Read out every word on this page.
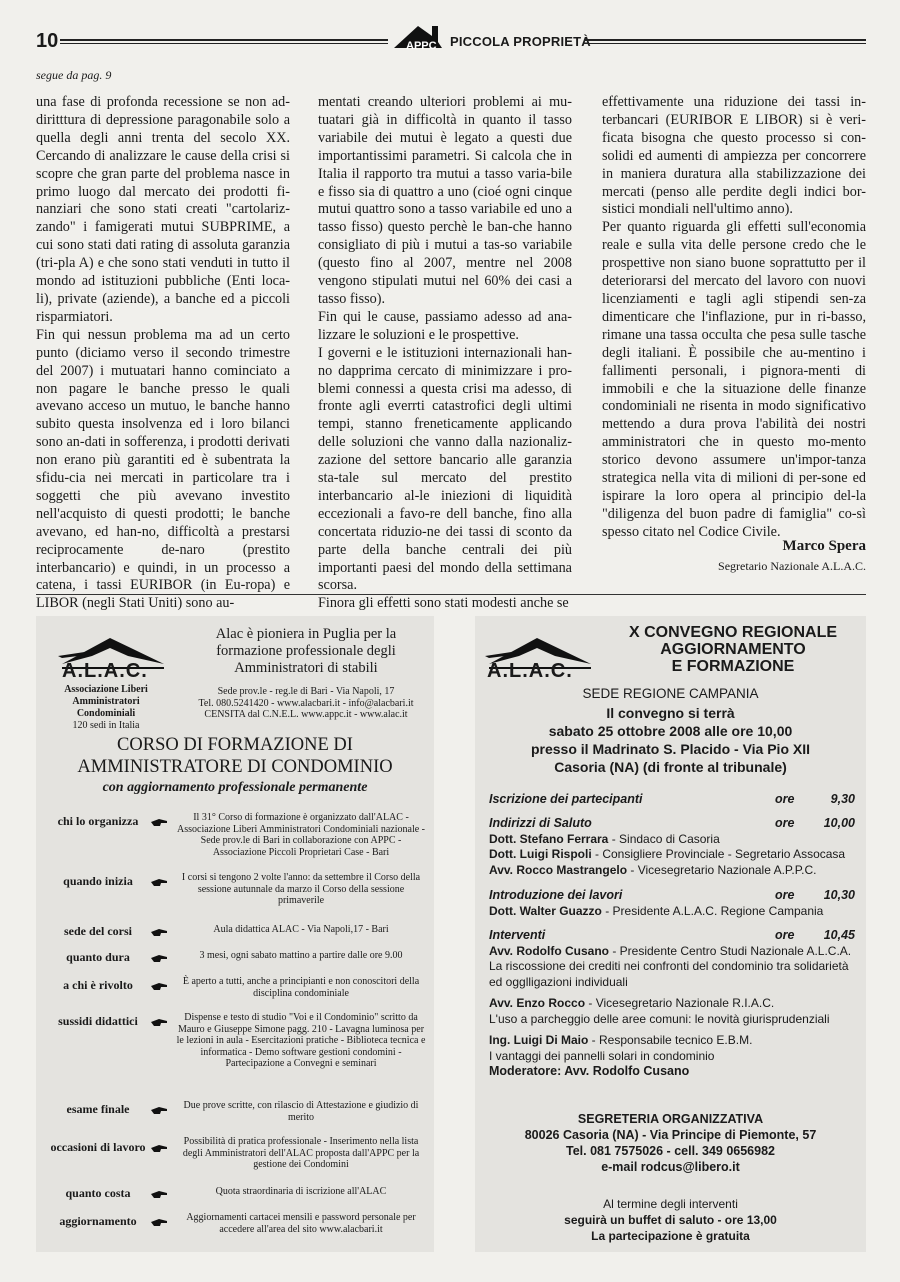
10	APPC PICCOLA PROPRIETÀ
segue da pag. 9

una fase di profonda recessione se non ad-diritttura di depressione paragonabile solo a quella degli anni trenta del secolo XX. Cercando di analizzare le cause della crisi si scopre che gran parte del problema nasce in primo luogo dal mercato dei prodotti fi-nanziari che sono stati creati "cartolariz-zando" i famigerati mutui SUBPRIME, a cui sono stati dati rating di assoluta garanzia (tri-pla A) e che sono stati venduti in tutto il mondo ad istituzioni pubbliche (Enti loca-li), private (aziende), a banche ed a piccoli risparmiatori.

Fin qui nessun problema ma ad un certo punto (diciamo verso il secondo trimestre del 2007) i mutuatari hanno cominciato a non pagare le banche presso le quali avevano acceso un mutuo, le banche hanno subito questa insolvenza ed i loro bilanci sono an-dati in sofferenza, i prodotti derivati non erano più garantiti ed è subentrata la sfidu-cia nei mercati in particolare tra i soggetti che più avevano investito nell'acquisto di questi prodotti; le banche avevano, ed han-no, difficoltà a prestarsi reciprocamente de-naro (prestito interbancario) e quindi, in un processo a catena, i tassi EURIBOR (in Eu-ropa) e LIBOR (negli Stati Uniti) sono au-

mentati creando ulteriori problemi ai mu-tuatari già in difficoltà in quanto il tasso variabile dei mutui è legato a questi due importantissimi parametri. Si calcola che in Italia il rapporto tra mutui a tasso varia-bile e fisso sia di quattro a uno (cioé ogni cinque mutui quattro sono a tasso variabile ed uno a tasso fisso) questo perchè le ban-che hanno consigliato di più i mutui a tas-so variabile (questo fino al 2007, mentre nel 2008 vengono stipulati mutui nel 60% dei casi a tasso fisso).

Fin qui le cause, passiamo adesso ad ana-lizzare le soluzioni e le prospettive.

I governi e le istituzioni internazionali han-no dapprima cercato di minimizzare i pro-blemi connessi a questa crisi ma adesso, di fronte agli everrti catastrofici degli ultimi tempi, stanno freneticamente applicando delle soluzioni che vanno dalla nazionaliz-zazione del settore bancario alle garanzia sta-tale sul mercato del prestito interbancario al-le iniezioni di liquidità eccezionali a favo-re dell banche, fino alla concertata riduzio-ne dei tassi di sconto da parte della banche centrali dei più importanti paesi del mondo della settimana scorsa.

Finora gli effetti sono stati modesti anche se

effettivamente una riduzione dei tassi in-terbancari (EURIBOR E LIBOR) si è veri-ficata bisogna che questo processo si con-solidi ed aumenti di ampiezza per concorrere in maniera duratura alla stabilizzazione dei mercati (penso alle perdite degli indici bor-sistici mondiali nell'ultimo anno).

Per quanto riguarda gli effetti sull'economia reale e sulla vita delle persone credo che le prospettive non siano buone soprattutto per il deteriorarsi del mercato del lavoro con nuovi licenziamenti e tagli agli stipendi sen-za dimenticare che l'inflazione, pur in ri-basso, rimane una tassa occulta che pesa sulle tasche degli italiani. È possibile che au-mentino i fallimenti personali, i pignora-menti di immobili e che la situazione delle finanze condominiali ne risenta in modo significativo mettendo a dura prova l'abilità dei nostri amministratori che in questo mo-mento storico devono assumere un'impor-tanza strategica nella vita di milioni di per-sone ed ispirare la loro opera al principio del-la "diligenza del buon padre di famiglia" co-sì spesso citato nel Codice Civile.

Marco Spera
Segretario Nazionale A.L.A.C.
A.L.A.C.
Associazione Liberi Amministratori Condominiali
120 sedi in Italia
Alac è pioniera in Puglia per la formazione professionale degli Amministratori di stabili
Sede prov.le - reg.le di Bari - Via Napoli, 17
Tel. 080.5241420 - www.alacbari.it - info@alacbari.it
CENSITA dal C.N.E.L. www.appc.it - www.alac.it
CORSO DI FORMAZIONE DI
AMMINISTRATORE DI CONDOMINIO
con aggiornamento professionale permanente
chi lo organizza	Il 31° Corso di formazione è organizzato dall'ALAC - Associazione Liberi Amministratori Condominiali nazionale - Sede prov.le di Bari in collaborazione con APPC - Associazione Piccoli Proprietari Case - Bari
quando inizia	I corsi si tengono 2 volte l'anno: da settembre il Corso della sessione autunnale da marzo il Corso della sessione primaverile
sede del corsi	Aula didattica ALAC - Via Napoli,17 - Bari
quanto dura	3 mesi, ogni sabato mattino a partire dalle ore 9.00
a chi è rivolto	È aperto a tutti, anche a principianti e non conoscitori della disciplina condominiale
sussidi didattici	Dispense e testo di studio "Voi e il Condominio" scritto da Mauro e Giuseppe Simone pagg. 210 - Lavagna luminosa per le lezioni in aula - Esercitazioni pratiche - Biblioteca tecnica e informatica - Demo software gestioni condomini -Partecipazione a Convegni e seminari
esame finale	Due prove scritte, con rilascio di Attestazione e giudizio di merito
occasioni di lavoro	Possibilità di pratica professionale - Inserimento nella lista degli Amministratori dell'ALAC proposta dall'APPC per la gestione dei Condomini
quanto costa	Quota straordinaria di iscrizione all'ALAC
aggiornamento	Aggiornamenti cartacei mensili e password personale per accedere all'area del sito www.alacbari.it
A.L.A.C.
X CONVEGNO REGIONALE
AGGIORNAMENTO
E FORMAZIONE
SEDE REGIONE CAMPANIA
Il convegno si terrà
sabato 25 ottobre 2008 alle ore 10,00
presso il Madrinato S. Placido - Via Pio XII
Casoria (NA) (di fronte al tribunale)
Iscrizione dei partecipanti	ore	9,30
Indirizzi di Saluto	ore 10,00
Dott. Stefano Ferrara - Sindaco di Casoria
Dott. Luigi Rispoli - Consigliere Provinciale - Segretario Assocasa
Avv. Rocco Mastrangelo - Vicesegretario Nazionale A.P.P.C.
Introduzione dei lavori	ore 10,30
Dott. Walter Guazzo - Presidente A.L.A.C. Regione Campania
Interventi	ore 10,45
Avv. Rodolfo Cusano - Presidente Centro Studi Nazionale A.L.C.A.
La riscossione dei crediti nei confronti del condominio tra solidarietà ed ogglligazioni individuali
Avv. Enzo Rocco - Vicesegretario Nazionale R.I.A.C.
L'uso a parcheggio delle aree comuni: le novità giurisprudenziali
Ing. Luigi Di Maio - Responsabile tecnico E.B.M.
I vantaggi dei pannelli solari in condominio
Moderatore: Avv. Rodolfo Cusano
SEGRETERIA ORGANIZZATIVA
80026 Casoria (NA) - Via Principe di Piemonte, 57
Tel. 081 7575026 - cell. 349 0656982
e-mail rodcus@libero.it
Al termine degli interventi
seguirà un buffet di saluto - ore 13,00
La partecipazione è gratuita
